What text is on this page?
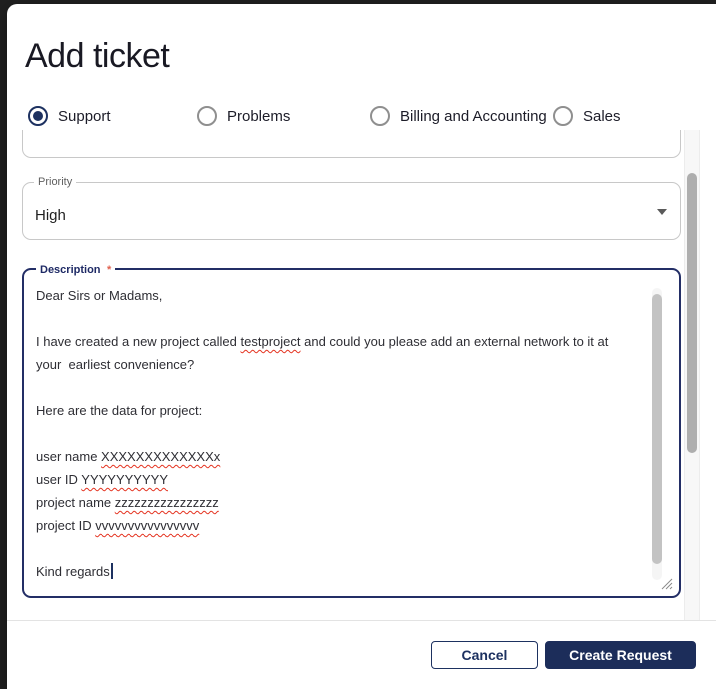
Add ticket
Support	Problems	Billing and Accounting Sales
Priority
High
Description *
Dear Sirs or Madams,
I have created a new project called testproject and could you please add an external network to it at
your  earliest convenience?
Here are the data for project:
user name XXXXXXXXXXXXXx
user ID YYYYYYYYYY
project name zzzzzzzzzzzzzzzz
project ID vvvvvvvvvvvvvvvv
Kind regards
Cancel	Create Request
